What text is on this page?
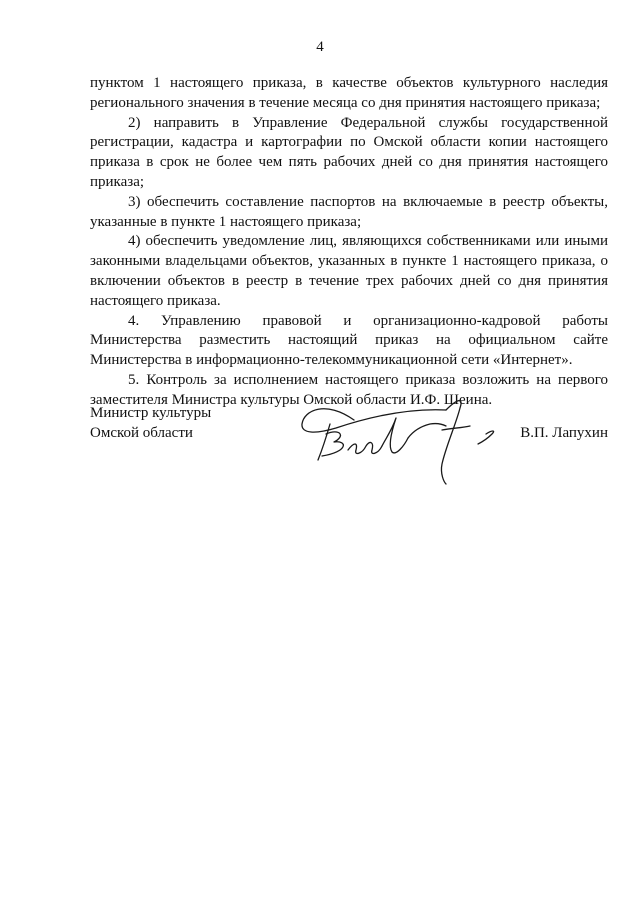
4

пунктом 1 настоящего приказа, в качестве объектов культурного наследия регионального значения в течение месяца со дня принятия настоящего приказа;

2) направить в Управление Федеральной службы государственной регистрации, кадастра и картографии по Омской области копии настоящего приказа в срок не более чем пять рабочих дней со дня принятия настоящего приказа;

3) обеспечить составление паспортов на включаемые в реестр объекты, указанные в пункте 1 настоящего приказа;

4) обеспечить уведомление лиц, являющихся собственниками или иными законными владельцами объектов, указанных в пункте 1 настоящего приказа, о включении объектов в реестр в течение трех рабочих дней со дня принятия настоящего приказа.

4. Управлению правовой и организационно-кадровой работы Министерства разместить настоящий приказ на официальном сайте Министерства в информационно-телекоммуникационной сети «Интернет».

5. Контроль за исполнением настоящего приказа возложить на первого заместителя Министра культуры Омской области И.Ф. Шеина.

Министр культуры
Омской области	В.П. Лапухин
